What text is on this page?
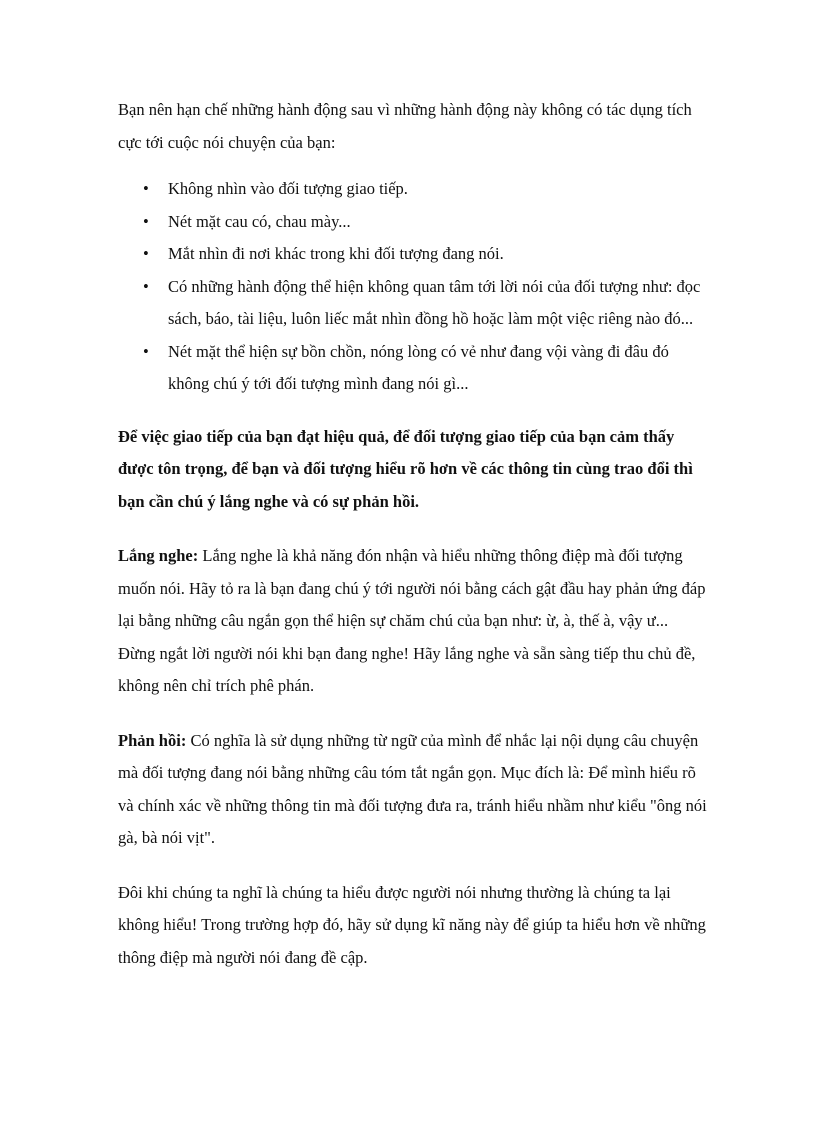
Bạn nên hạn chế những hành động sau vì những hành động này không có tác dụng tích cực tới cuộc nói chuyện của bạn:

• Không nhìn vào đối tượng giao tiếp.
• Nét mặt cau có, chau mày...
• Mắt nhìn đi nơi khác trong khi đối tượng đang nói.
• Có những hành động thể hiện không quan tâm tới lời nói của đối tượng như: đọc sách, báo, tài liệu, luôn liếc mắt nhìn đồng hồ hoặc làm một việc riêng nào đó...
• Nét mặt thể hiện sự bồn chồn, nóng lòng có vẻ như đang vội vàng đi đâu đó không chú ý tới đối tượng mình đang nói gì...

Để việc giao tiếp của bạn đạt hiệu quả, để đối tượng giao tiếp của bạn cảm thấy được tôn trọng, để bạn và đối tượng hiểu rõ hơn về các thông tin cùng trao đổi thì bạn cần chú ý lắng nghe và có sự phản hồi.

Lắng nghe: Lắng nghe là khả năng đón nhận và hiểu những thông điệp mà đối tượng muốn nói. Hãy tỏ ra là bạn đang chú ý tới người nói bằng cách gật đầu hay phản ứng đáp lại bằng những câu ngắn gọn thể hiện sự chăm chú của bạn như: ừ, à, thế à, vậy ư... Đừng ngắt lời người nói khi bạn đang nghe! Hãy lắng nghe và sẵn sàng tiếp thu chủ đề, không nên chỉ trích phê phán.

Phản hồi: Có nghĩa là sử dụng những từ ngữ của mình để nhắc lại nội dụng câu chuyện mà đối tượng đang nói bằng những câu tóm tắt ngắn gọn. Mục đích là: Để mình hiểu rõ và chính xác về những thông tin mà đối tượng đưa ra, tránh hiểu nhầm như kiểu "ông nói gà, bà nói vịt".

Đôi khi chúng ta nghĩ là chúng ta hiểu được người nói nhưng thường là chúng ta lại không hiểu! Trong trường hợp đó, hãy sử dụng kĩ năng này để giúp ta hiểu hơn về những thông điệp mà người nói đang đề cập.
